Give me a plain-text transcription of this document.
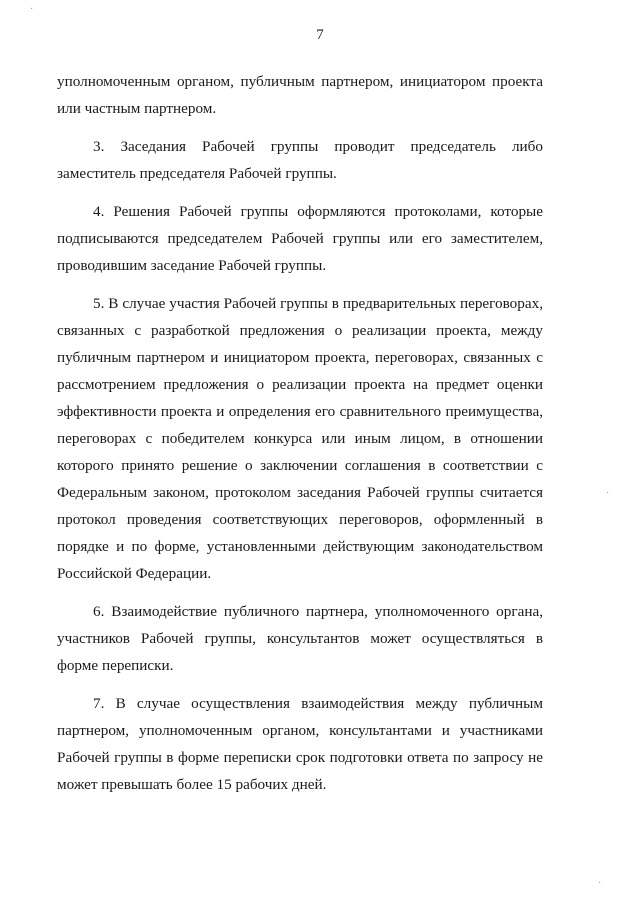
7
·
·
·

уполномоченным органом, публичным партнером, инициатором проекта или частным партнером.

3. Заседания Рабочей группы проводит председатель либо заместитель председателя Рабочей группы.

4. Решения Рабочей группы оформляются протоколами, которые подписываются председателем Рабочей группы или его заместителем, проводившим заседание Рабочей группы.

5. В случае участия Рабочей группы в предварительных переговорах, связанных с разработкой предложения о реализации проекта, между публичным партнером и инициатором проекта, переговорах, связанных с рассмотрением предложения о реализации проекта на предмет оценки эффективности проекта и определения его сравнительного преимущества, переговорах с победителем конкурса или иным лицом, в отношении которого принято решение о заключении соглашения в соответствии с Федеральным законом, протоколом заседания Рабочей группы считается протокол проведения соответствующих переговоров, оформленный в порядке и по форме, установленными действующим законодательством Российской Федерации.

6. Взаимодействие публичного партнера, уполномоченного органа, участников Рабочей группы, консультантов может осуществляться в форме переписки.

7. В случае осуществления взаимодействия между публичным партнером, уполномоченным органом, консультантами и участниками Рабочей группы в форме переписки срок подготовки ответа по запросу не может превышать более 15 рабочих дней.
